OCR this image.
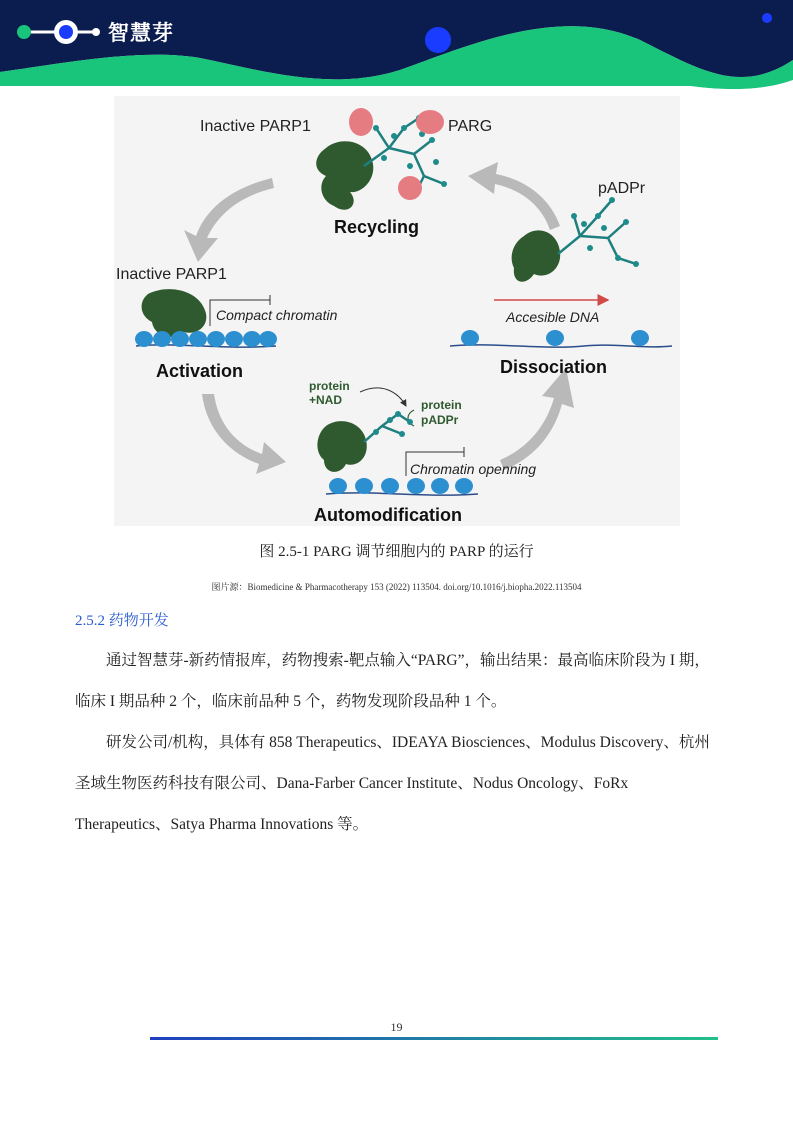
智慧芽
Inactive PARP1	PARG
Recycling
pADPr
Accesible DNA
Dissociation
Inactive PARP1
Compact chromatin
Activation
protein
+NAD	protein
pADPr
Chromatin openning
Automodification
图 2.5-1 PARG 调节细胞内的 PARP 的运行
图片源：Biomedicine & Pharmacotherapy 153 (2022) 113504. doi.org/10.1016/j.biopha.2022.113504
2.5.2 药物开发

通过智慧芽-新药情报库，药物搜索-靶点输入“PARG”，输出结果：最高临床阶段为 I 期，临床 I 期品种 2 个，临床前品种 5 个，药物发现阶段品种 1 个。

研发公司/机构，具体有 858 Therapeutics、IDEAYA Biosciences、Modulus Discovery、杭州圣域生物医药科技有限公司、Dana-Farber Cancer Institute、Nodus Oncology、FoRx Therapeutics、Satya Pharma Innovations 等。

19
